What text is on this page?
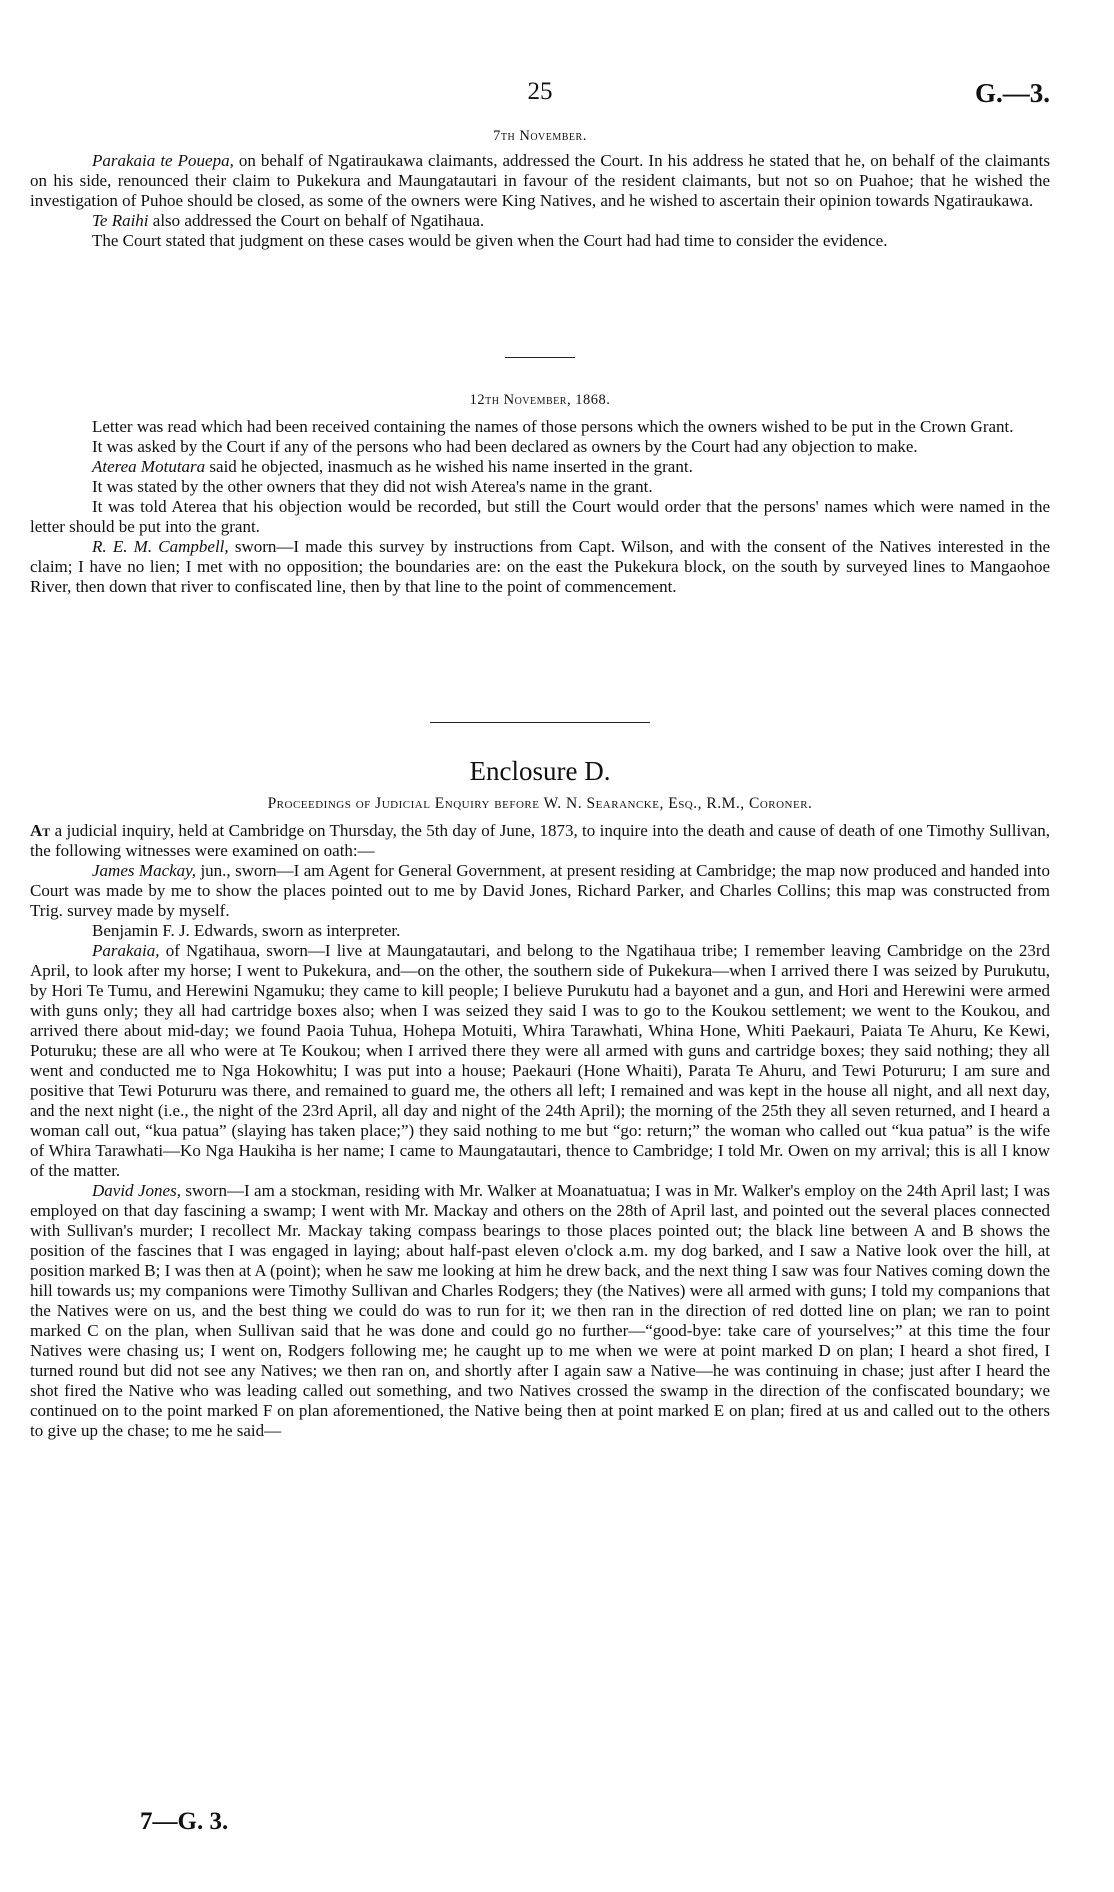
25	G.—3.
7th November.

Parakaia te Pouepa, on behalf of Ngatiraukawa claimants, addressed the Court. In his address he stated that he, on behalf of the claimants on his side, renounced their claim to Pukekura and Maungatautari in favour of the resident claimants, but not so on Puahoe; that he wished the investigation of Puhoe should be closed, as some of the owners were King Natives, and he wished to ascertain their opinion towards Ngatiraukawa.

Te Raihi also addressed the Court on behalf of Ngatihaua.

The Court stated that judgment on these cases would be given when the Court had had time to consider the evidence.

12th November, 1868.

Letter was read which had been received containing the names of those persons which the owners wished to be put in the Crown Grant.

It was asked by the Court if any of the persons who had been declared as owners by the Court had any objection to make.

Aterea Motutara said he objected, inasmuch as he wished his name inserted in the grant.

It was stated by the other owners that they did not wish Aterea's name in the grant.

It was told Aterea that his objection would be recorded, but still the Court would order that the persons' names which were named in the letter should be put into the grant.

R. E. M. Campbell, sworn—I made this survey by instructions from Capt. Wilson, and with the consent of the Natives interested in the claim; I have no lien; I met with no opposition; the boundaries are: on the east the Pukekura block, on the south by surveyed lines to Mangaohoe River, then down that river to confiscated line, then by that line to the point of commencement.

Enclosure D.
Proceedings of Judicial Enquiry before W. N. Searancke, Esq., R.M., Coroner.

At a judicial inquiry, held at Cambridge on Thursday, the 5th day of June, 1873, to inquire into the death and cause of death of one Timothy Sullivan, the following witnesses were examined on oath:—

James Mackay, jun., sworn—I am Agent for General Government, at present residing at Cambridge; the map now produced and handed into Court was made by me to show the places pointed out to me by David Jones, Richard Parker, and Charles Collins; this map was constructed from Trig. survey made by myself.

Benjamin F. J. Edwards, sworn as interpreter.

Parakaia, of Ngatihaua, sworn—I live at Maungatautari, and belong to the Ngatihaua tribe; I remember leaving Cambridge on the 23rd April, to look after my horse; I went to Pukekura, and—on the other, the southern side of Pukekura—when I arrived there I was seized by Purukutu, by Hori Te Tumu, and Herewini Ngamuku; they came to kill people; I believe Purukutu had a bayonet and a gun, and Hori and Herewini were armed with guns only; they all had cartridge boxes also; when I was seized they said I was to go to the Koukou settlement; we went to the Koukou, and arrived there about mid-day; we found Paoia Tuhua, Hohepa Motuiti, Whira Tarawhati, Whina Hone, Whiti Paekauri, Paiata Te Ahuru, Ke Kewi, Poturuku; these are all who were at Te Koukou; when I arrived there they were all armed with guns and cartridge boxes; they said nothing; they all went and conducted me to Nga Hokowhitu; I was put into a house; Paekauri (Hone Whaiti), Parata Te Ahuru, and Tewi Potururu; I am sure and positive that Tewi Potururu was there, and remained to guard me, the others all left; I remained and was kept in the house all night, and all next day, and the next night (i.e., the night of the 23rd April, all day and night of the 24th April); the morning of the 25th they all seven returned, and I heard a woman call out, “kua patua” (slaying has taken place;”) they said nothing to me but “go: return;” the woman who called out “kua patua” is the wife of Whira Tarawhati—Ko Nga Haukiha is her name; I came to Maungatautari, thence to Cambridge; I told Mr. Owen on my arrival; this is all I know of the matter.

David Jones, sworn—I am a stockman, residing with Mr. Walker at Moanatuatua; I was in Mr. Walker's employ on the 24th April last; I was employed on that day fascining a swamp; I went with Mr. Mackay and others on the 28th of April last, and pointed out the several places connected with Sullivan's murder; I recollect Mr. Mackay taking compass bearings to those places pointed out; the black line between A and B shows the position of the fascines that I was engaged in laying; about half-past eleven o'clock a.m. my dog barked, and I saw a Native look over the hill, at position marked B; I was then at A (point); when he saw me looking at him he drew back, and the next thing I saw was four Natives coming down the hill towards us; my companions were Timothy Sullivan and Charles Rodgers; they (the Natives) were all armed with guns; I told my companions that the Natives were on us, and the best thing we could do was to run for it; we then ran in the direction of red dotted line on plan; we ran to point marked C on the plan, when Sullivan said that he was done and could go no further—“good-bye: take care of yourselves;” at this time the four Natives were chasing us; I went on, Rodgers following me; he caught up to me when we were at point marked D on plan; I heard a shot fired, I turned round but did not see any Natives; we then ran on, and shortly after I again saw a Native—he was continuing in chase; just after I heard the shot fired the Native who was leading called out something, and two Natives crossed the swamp in the direction of the confiscated boundary; we continued on to the point marked F on plan aforementioned, the Native being then at point marked E on plan; fired at us and called out to the others to give up the chase; to me he said—

7—G. 3.
